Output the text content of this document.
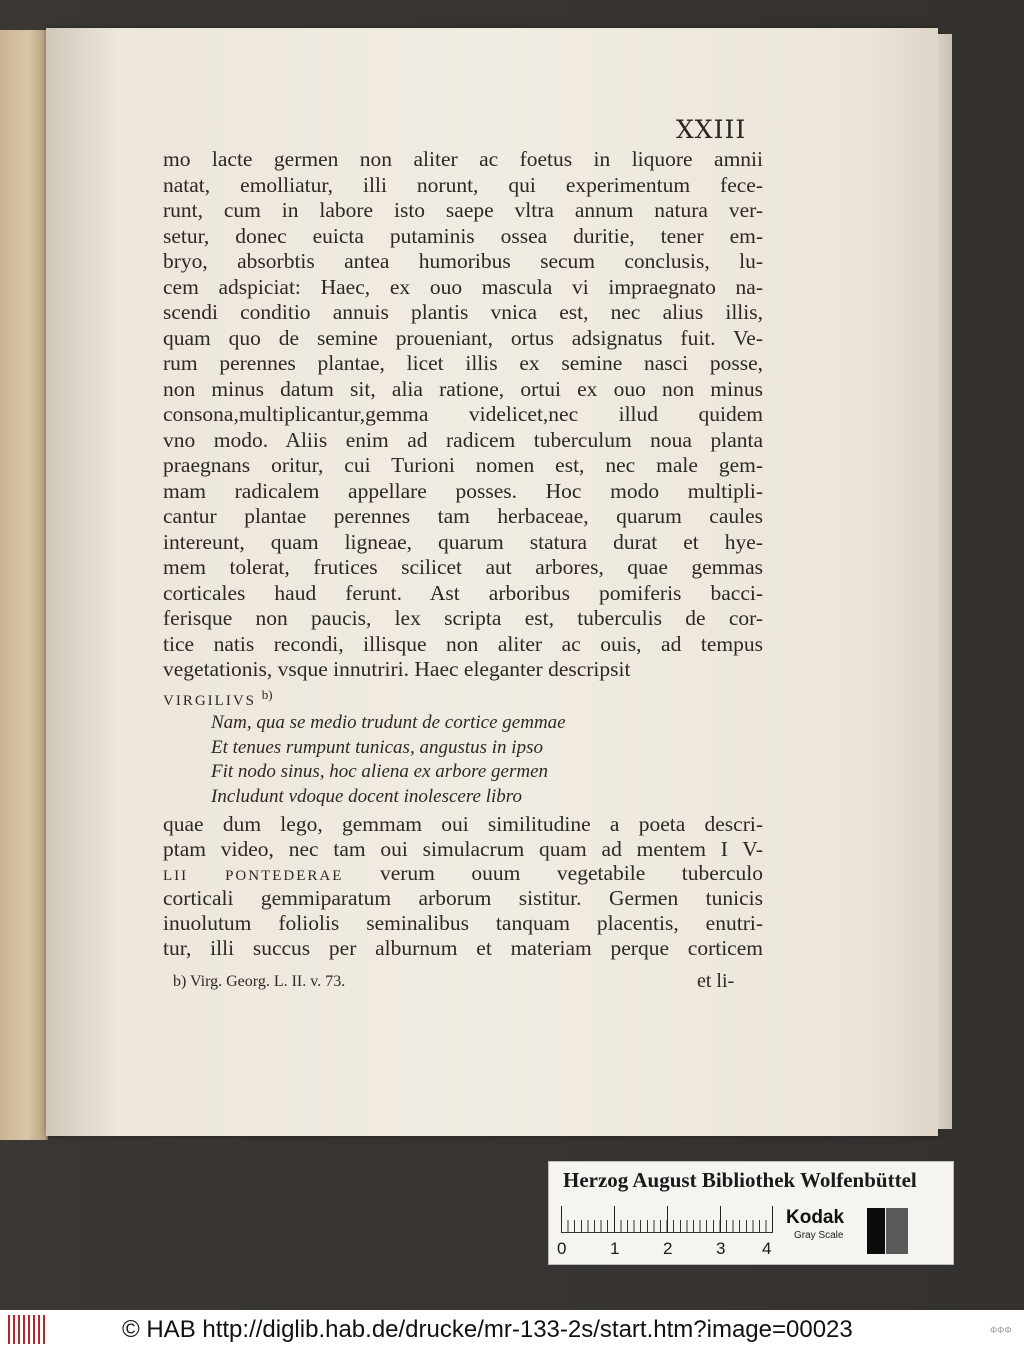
XXIII
mo lacte germen non aliter ac foetus in liquore amnii
natat, emolliatur, illi norunt, qui experimentum fece-
runt, cum in labore isto saepe vltra annum natura ver-
setur, donec euicta putaminis ossea duritie, tener em-
bryo, absorbtis antea humoribus secum conclusis, lu-
cem adspiciat: Haec, ex ouo mascula vi impraegnato na-
scendi conditio annuis plantis vnica est, nec alius illis,
quam quo de semine proueniant, ortus adsignatus fuit. Ve-
rum perennes plantae, licet illis ex semine nasci posse,
non minus datum sit, alia ratione, ortui ex ouo non minus
consona,multiplicantur,gemma videlicet,nec illud quidem
vno modo. Aliis enim ad radicem tuberculum noua planta
praegnans oritur, cui Turioni nomen est, nec male gem-
mam radicalem appellare posses. Hoc modo multipli-
cantur plantae perennes tam herbaceae, quarum caules
intereunt, quam ligneae, quarum statura durat et hye-
mem tolerat, frutices scilicet aut arbores, quae gemmas
corticales haud ferunt. Ast arboribus pomiferis bacci-
ferisque non paucis, lex scripta est, tuberculis de cor-
tice natis recondi, illisque non aliter ac ouis, ad tempus
vegetationis, vsque innutriri. Haec eleganter descripsit
VIRGILIVS b)
Nam, qua se medio trudunt de cortice gemmae
Et tenues rumpunt tunicas, angustus in ipso
Fit nodo sinus, hoc aliena ex arbore germen
Includunt vdoque docent inolescere libro
quae dum lego, gemmam oui similitudine a poeta descri-
ptam video, nec tam oui simulacrum quam ad mentem I V-
LII PONTEDERAE verum ouum vegetabile tuberculo
corticali gemmiparatum arborum sistitur. Germen tunicis
inuolutum foliolis seminalibus tanquam placentis, enutri-
tur, illi succus per alburnum et materiam perque corticem
b) Virg. Georg. L. II. v. 73.	et li-
Herzog August Bibliothek Wolfenbüttel
0	1	2	3 4
Kodak
Gray Scale
© HAB http://diglib.hab.de/drucke/mr-133-2s/start.htm?image=00023	ΦΦΦ
